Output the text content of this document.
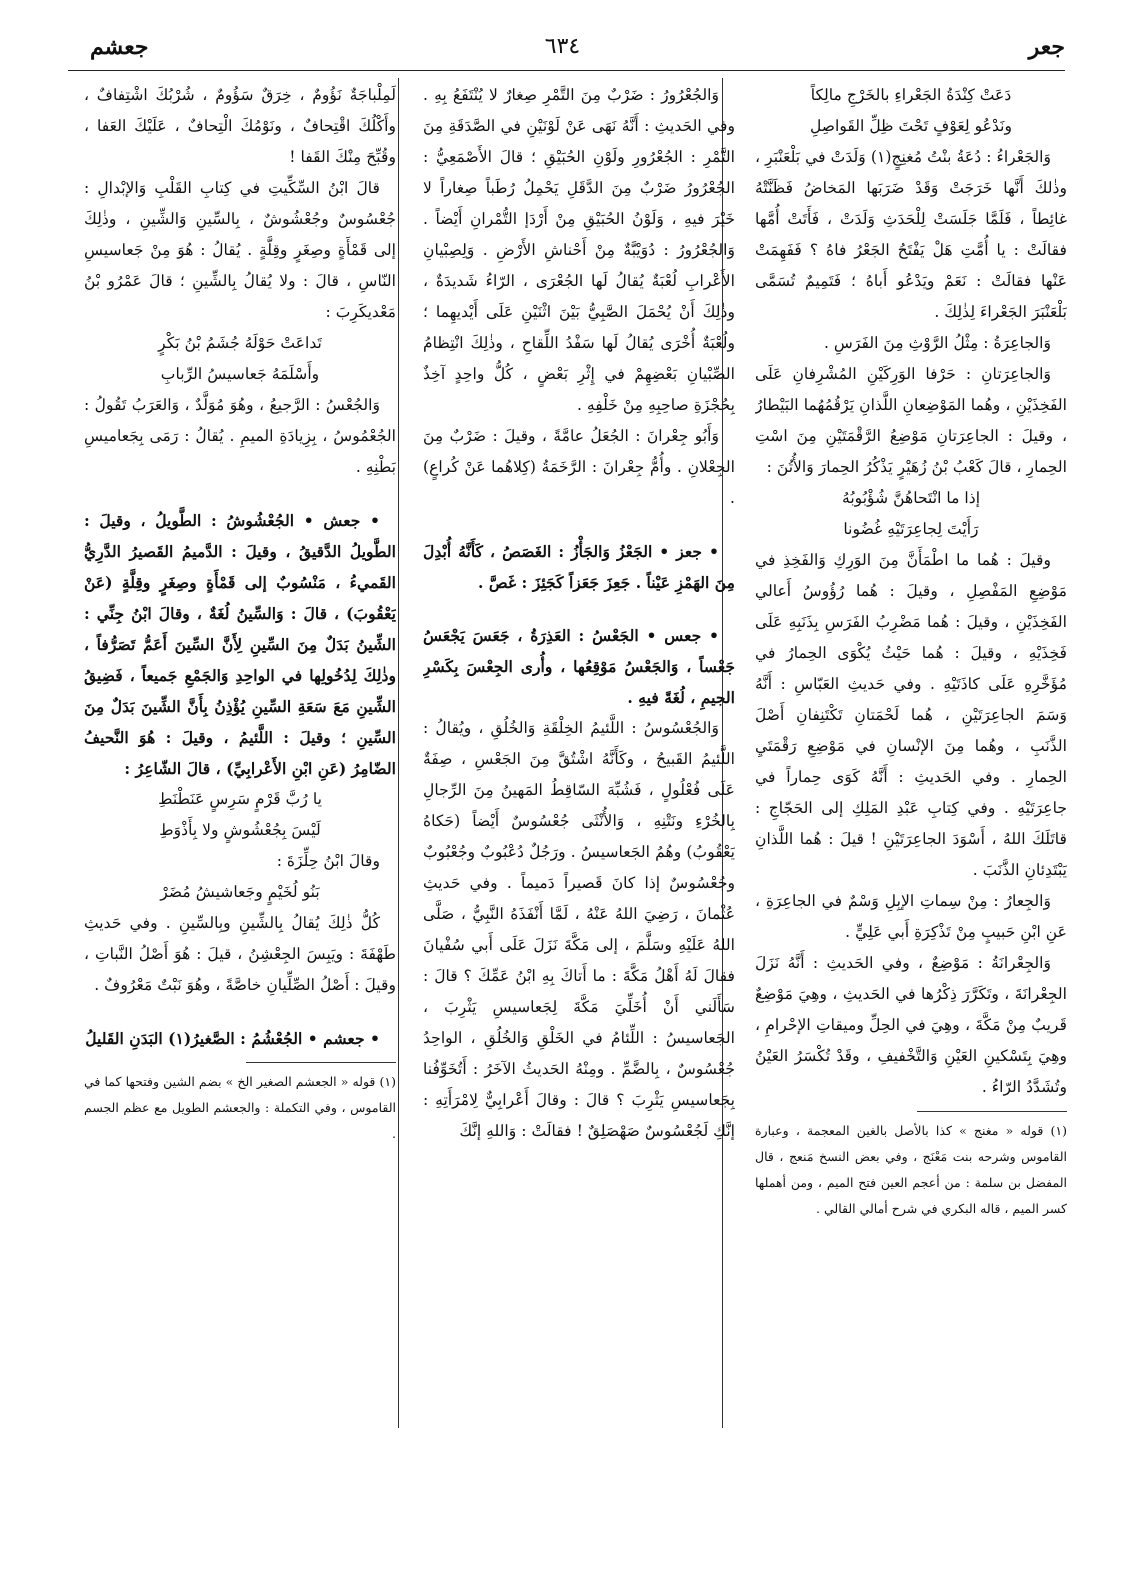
جعر
٦٣٤
جعشم

دَعَتْ كِنْدَةُ الجَعْراءِ بالخَرْجِ مالِكاً

ونَدْعُو لِعَوْفٍ تَحْتَ ظِلِّ القَواصِلِ

وَالجَعْراءُ : دُعَةُ بنْتُ مُغنِجٍ(١) وَلَدَتْ في بَلْعَنْبَرِ ، وذٰلكَ أَنَّها خَرَجَتْ وَقَدْ ضَرَبَها المَخاضُ فَظَنَّتْهُ غائِطاً ، فَلَمَّا جَلَسَتْ لِلْحَدَثِ وَلَدَتْ ، فَأَتَتْ أُمَّها فقالَتْ : يا أُمَّتِ هَلْ يَفْتَحُ الجَعْرُ فاهُ ؟ فَفَهِمَتْ عَنْها فقالَتْ : نَعَمْ ويَدْعُو أَباهُ ؛ فَتَمِيمٌ تُسَمَّى بَلْعَنْبَرَ الجَعْراءَ لِذٰلِكَ .

وَالجاعِرَةُ : مِثْلُ الرَّوْثِ مِنَ الفَرَسِ .

وَالجاعِرَتانِ : حَرْفا الوَرِكَيْنِ المُشْرِفانِ عَلَى الفَخِذَيْنِ ، وهُما المَوْضِعانِ اللَّذانِ يَرْقُمُهُما البَيْطارُ ، وقيلَ : الجاعِرَتانِ مَوْضِعُ الرَّقْمَتَيْنِ مِنَ اسْتِ الحِمارِ ، قالَ كَعْبُ بْنُ زُهَيْرٍ يَذْكُرُ الحِمارَ وَالأُتُنَ :

إذا ما انْتَحاهُنَّ شُؤْبُوبُهُ

رَأَيْتَ لِجاعِرَتَيْهِ غُضُونا

وقيلَ : هُما ما اطْمَأَنَّ مِنَ الوَرِكِ وَالفَخِذِ في مَوْضِعِ المَفْصِلِ ، وقيلَ : هُما رُؤُوسُ أَعالي الفَخِذَيْنِ ، وقيلَ : هُما مَضْرِبُ الفَرَسِ بِذَنَبِهِ عَلَى فَخِذَيْهِ ، وقيلَ : هُما حَيْثُ يُكْوَى الحِمارُ في مُؤَخَّرِهِ عَلَى كاذَتَيْهِ . وفي حَديثِ العَبّاسِ : أَنَّهُ وَسَمَ الجاعِرَتَيْنِ ، هُما لَحْمَتانِ تَكْتَنِفانِ أَصْلَ الذَّنَبِ ، وهُما مِنَ الإنْسانِ في مَوْضِعِ رَقْمَتَيِ الحِمارِ . وفي الحَديثِ : أَنَّهُ كَوَى حِماراً في جاعِرَتَيْهِ . وفي كِتابِ عَبْدِ المَلِكِ إلى الحَجّاجِ : قاتَلَكَ اللهُ ، أَسْوَدَ الجاعِرَتَيْنِ ! قيلَ : هُما اللَّذانِ يَبْتَدِئانِ الذَّنَبَ .

وَالجِعارُ : مِنْ سِماتِ الإبِلِ وَسْمٌ في الجاعِرَةِ ، عَنِ ابْنِ حَبيبٍ مِنْ تَذْكِرَةِ أَبي عَلِيٍّ .

وَالجِعْرانَةُ : مَوْضِعٌ ، وفي الحَديثِ : أَنَّهُ نَزَلَ الجِعْرانَةَ ، وتَكَرَّرَ ذِكْرُها في الحَديثِ ، وهِيَ مَوْضِعٌ قَريبٌ مِنْ مَكَّةَ ، وهِيَ في الحِلِّ وميقاتِ الإحْرامِ ، وهِيَ بِتَسْكينِ العَيْنِ وَالتَّخْفيفِ ، وقَدْ تُكْسَرُ العَيْنُ وتُشَدَّدُ الرّاءُ .

(١) قوله « مغنج » كذا بالأصل بالغين المعجمة ، وعبارة القاموس وشرحه بنت مَعْنَج ، وفي بعض النسخ مَنعج ، قال المفضل بن سلمة : من أعجم العين فتح الميم ، ومن أهملها كسر الميم ، قاله البكري في شرح أمالي القالي .

وَالجُعْرُورُ : ضَرْبٌ مِنَ التَّمْرِ صِغارٌ لا يُنْتَفَعُ بِهِ . وفي الحَديثِ : أَنَّهُ نَهَى عَنْ لَوْنَيْنِ في الصَّدَقَةِ مِنَ التَّمْرِ : الجُعْرُورِ ولَوْنِ الحُبَيْقِ ؛ قالَ الأَصْمَعِيُّ : الجُعْرُورُ ضَرْبٌ مِنَ الدَّقَلِ يَحْمِلُ رُطَباً صِغاراً لا خَيْرَ فيهِ ، وَلَوْنُ الحُبَيْقِ مِنْ أَرْدَإ التُّمْرانِ أَيْضاً . وَالجُعْرُورُ : دُوَيْبَّةٌ مِنْ أَحْناشِ الأَرْضِ . وَلِصِبْيانِ الأَعْرابِ لُعْبَةٌ يُقالُ لَها الجُعْرَى ، الرّاءُ شَديدَةٌ ، وذٰلِكَ أَنْ يُحْمَلَ الصَّبِيُّ بَيْنَ اثْنَيْنِ عَلَى أَيْديهِما ؛ ولُعْبَةٌ أُخْرَى يُقالُ لَها سَفْدُ اللِّقاحِ ، وذٰلِكَ انْتِظامُ الصِّبْيانِ بَعْضِهِمْ في إِثْرِ بَعْضٍ ، كُلُّ واحِدٍ آخِذٌ بِحُجْزَةِ صاحِبِهِ مِنْ خَلْفِهِ .

وَأَبُو جِعْرانَ : الجُعَلُ عامَّةً ، وقيلَ : ضَرْبٌ مِنَ الجِعْلانِ . وأُمُّ جِعْرانَ : الرَّخَمَةُ (كِلاهُما عَنْ كُراعٍ) .

• جعز • الجَعْزُ وَالجَأْزُ : الغَصَصُ ، كَأَنَّهُ أُبْدِلَ مِنَ الهَمْزِ عَيْناً . جَعِزَ جَعَزاً كَجَئِزَ : غَصَّ .

• جعس • الجَعْسُ : العَذِرَةُ ، جَعَسَ يَجْعَسُ جَعْساً ، وَالجَعْسُ مَوْقِعُها ، وأُرى الجِعْسَ بِكَسْرِ الجيمِ ، لُغَةً فيهِ .

وَالجُعْسُوسُ : اللَّئيمُ الخِلْقَةِ وَالخُلُقِ ، ويُقالُ : اللَّئيمُ القَبيحُ ، وكَأَنَّهُ اشْتُقَّ مِنَ الجَعْسِ ، صِفَةٌ عَلَى فُعْلُولٍ ، فَشُبِّهَ السّاقِطُ المَهينُ مِنَ الرِّجالِ بِالخُرْءِ ونَتْنِهِ ، وَالأُنْثَى جُعْسُوسٌ أَيْضاً (حَكاهُ يَعْقُوبُ) وهُمُ الجَعاسيسُ . ورَجُلٌ دُعْبُوبٌ وجُعْبُوبٌ وجُعْسُوسٌ إذا كانَ قَصيراً دَميماً . وفي حَديثِ عُثْمانَ ، رَضِيَ اللهُ عَنْهُ ، لَمَّا أَنْفَذَهُ النَّبِيُّ ، صَلَّى اللهُ عَلَيْهِ وسَلَّمَ ، إلى مَكَّةَ نَزَلَ عَلَى أَبي سُفْيانَ فقالَ لَهُ أَهْلُ مَكَّةَ : ما أَتاكَ بِهِ ابْنُ عَمِّكَ ؟ قالَ : سَأَلَني أَنْ أُخَلِّيَ مَكَّةَ لِجَعاسيسِ يَثْرِبَ ، الجَعاسيسُ : اللِّئامُ في الخَلْقِ وَالخُلُقِ ، الواحِدُ جُعْسُوسٌ ، بِالضَّمِّ . ومِنْهُ الحَديثُ الآخَرُ : أَتُخَوِّفُنا بِجَعاسيسِ يَثْرِبَ ؟ قالَ : وقالَ أَعْرابِيٌّ لِامْرَأَتِهِ : إنَّكِ لَجُعْسُوسٌ صَهْصَلِقٌ ! فقالَتْ : وَاللهِ إنَّكَ

لَمِلْباجَةٌ نَؤُومٌ ، خِرَقٌ سَؤُومٌ ، شُرْبُكَ اشْتِفافٌ ، وأَكْلُكَ اقْتِحافٌ ، ونَوْمُكَ الْتِحافٌ ، عَلَيْكَ العَفا ، وقُبِّحَ مِنْكَ القَفا !

قالَ ابْنُ السِّكِّيتِ في كِتابِ القَلْبِ وَالإبْدالِ : جُعْسُوسٌ وجُعْشُوشٌ ، بِالسِّينِ وَالشِّينِ ، وذٰلِكَ إلى قَمْأَةٍ وصِغَرٍ وقِلَّةٍ . يُقالُ : هُوَ مِنْ جَعاسيسِ النّاسِ ، قالَ : ولا يُقالُ بِالشِّينِ ؛ قالَ عَمْرُو بْنُ مَعْديكَرِبَ :

تَداعَتْ حَوْلَهُ جُشَمُ بْنُ بَكْرٍ

وأَسْلَمَهُ جَعاسيسُ الرِّبابِ

وَالجُعْسُ : الرَّجيعُ ، وهُوَ مُوَلَّدٌ ، وَالعَرَبُ تَقُولُ : الجُعْمُوسُ ، بِزِيادَةِ الميمِ . يُقالُ : رَمَى بِجَعاميسِ بَطْنِهِ .

• جعش • الجُعْشُوشُ : الطَّويلُ ، وقيلَ : الطَّويلُ الدَّقيقُ ، وقيلَ : الدَّميمُ القَصيرُ الدَّرِيُّ القَميءُ ، مَنْسُوبٌ إلى قَمْأَةٍ وصِغَرٍ وقِلَّةٍ (عَنْ يَعْقُوبَ) ، قالَ : وَالسِّينُ لُغَةٌ ، وقالَ ابْنُ جِنِّي : الشِّينُ بَدَلٌ مِنَ السِّينِ لِأَنَّ السِّينَ أَعَمُّ تَصَرُّفاً ، وذٰلِكَ لِدُخُولِها في الواحِدِ وَالجَمْعِ جَميعاً ، فَضِيقُ الشِّينِ مَعَ سَعَةِ السِّينِ يُؤْذِنُ بِأَنَّ الشِّينَ بَدَلٌ مِنَ السِّينِ ؛ وقيلَ : اللَّئيمُ ، وقيلَ : هُوَ النَّحيفُ الضّامِرُ (عَنِ ابْنِ الأَعْرابِيِّ) ، قالَ الشّاعِرُ :

يا رُبَّ قَرْمٍ سَرِسٍ عَنَطْنَطِ

لَيْسَ بِجُعْشُوشٍ ولا بِأَذْوَطِ

وقالَ ابْنُ حِلِّزَةَ :

بَنُو لُخَيْمٍ وجَعاشيشُ مُضَرْ

كُلُّ ذٰلِكَ يُقالُ بِالشِّينِ وبِالسِّينِ . وفي حَديثِ طَهْفَةَ : ويَبِسَ الجِعْشِنُ ، قيلَ : هُوَ أَصْلُ النَّباتِ ، وقيلَ : أَصْلُ الصِّلِّيانِ خاصَّةً ، وهُوَ نَبْتٌ مَعْرُوفٌ .

• جعشم • الجُعْشُمُ : الصَّغيرُ(١) البَدَنِ القَليلُ

(١) قوله « الجعشم الصغير الخ » بضم الشين وفتحها كما في القاموس ، وفي التكملة : والجعشم الطويل مع عظم الجسم .
